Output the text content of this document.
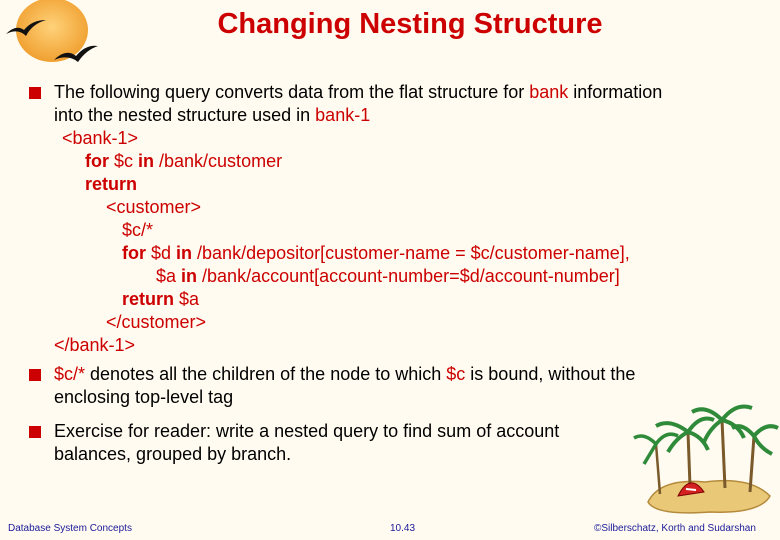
Changing Nesting Structure

The following query converts data from the flat structure for bank information

into the nested structure used in bank-1

<bank-1>

for $c in /bank/customer

return

<customer>

$c/*

for $d in /bank/depositor[customer-name = $c/customer-name],

$a in /bank/account[account-number=$d/account-number]

return $a

</customer>

</bank-1>

$c/* denotes all the children of the node to which $c is bound, without the

enclosing top-level tag

Exercise for reader: write a nested query to find sum of account

balances, grouped by branch.

Database System Concepts	10.43	©Silberschatz, Korth and Sudarshan
